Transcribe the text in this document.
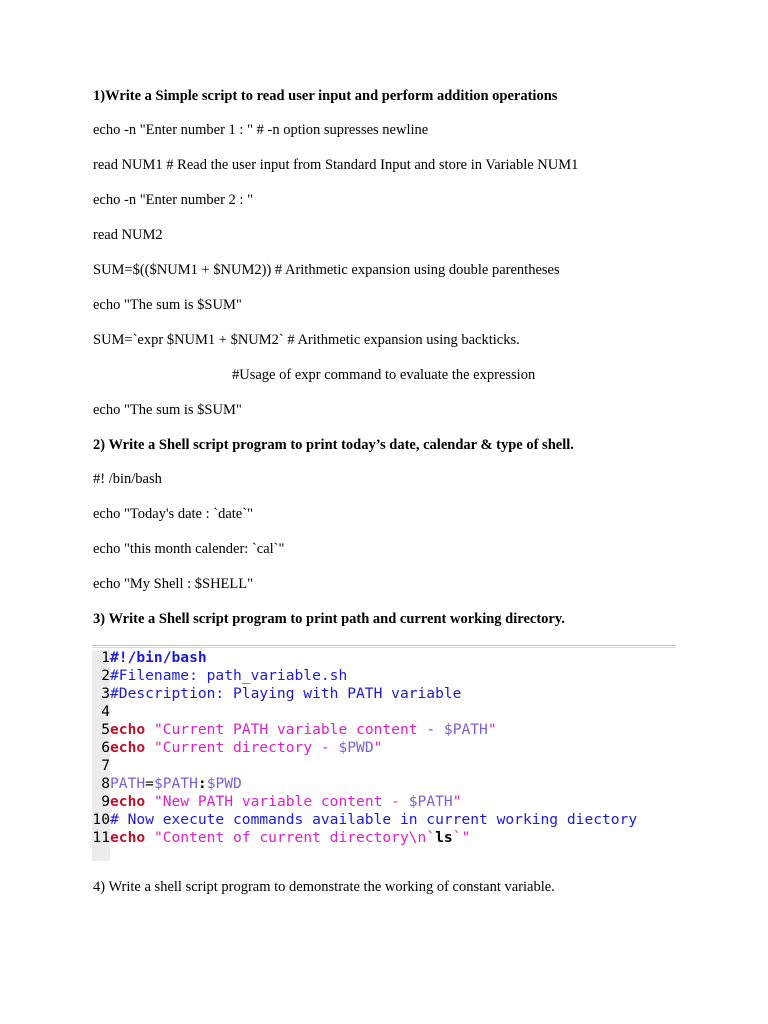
1)Write a Simple script to read user input and perform addition operations
echo -n "Enter number 1 : " # -n option supresses newline
read NUM1 # Read the user input from Standard Input and store in Variable NUM1
echo -n "Enter number 2 : "
read NUM2
SUM=$(($NUM1 + $NUM2)) # Arithmetic expansion using double parentheses
echo "The sum is $SUM"
SUM=`expr $NUM1 + $NUM2` # Arithmetic expansion using backticks.
#Usage of expr command to evaluate the expression
echo "The sum is $SUM"
2) Write a Shell script program to print today’s date, calendar & type of shell.
#! /bin/bash
echo "Today's date : `date`"
echo "this month calender: `cal`"
echo "My Shell : $SHELL"
3) Write a Shell script program to print path and current working directory.
1#!/bin/bash
2#Filename: path_variable.sh
3#Description: Playing with PATH variable
4
5echo "Current PATH variable content - $PATH"
6echo "Current directory - $PWD"
7
8PATH=$PATH:$PWD
9echo "New PATH variable content - $PATH"
10# Now execute commands available in current working diectory
11echo "Content of current directory\n`ls`"
4) Write a shell script program to demonstrate the working of constant variable.
